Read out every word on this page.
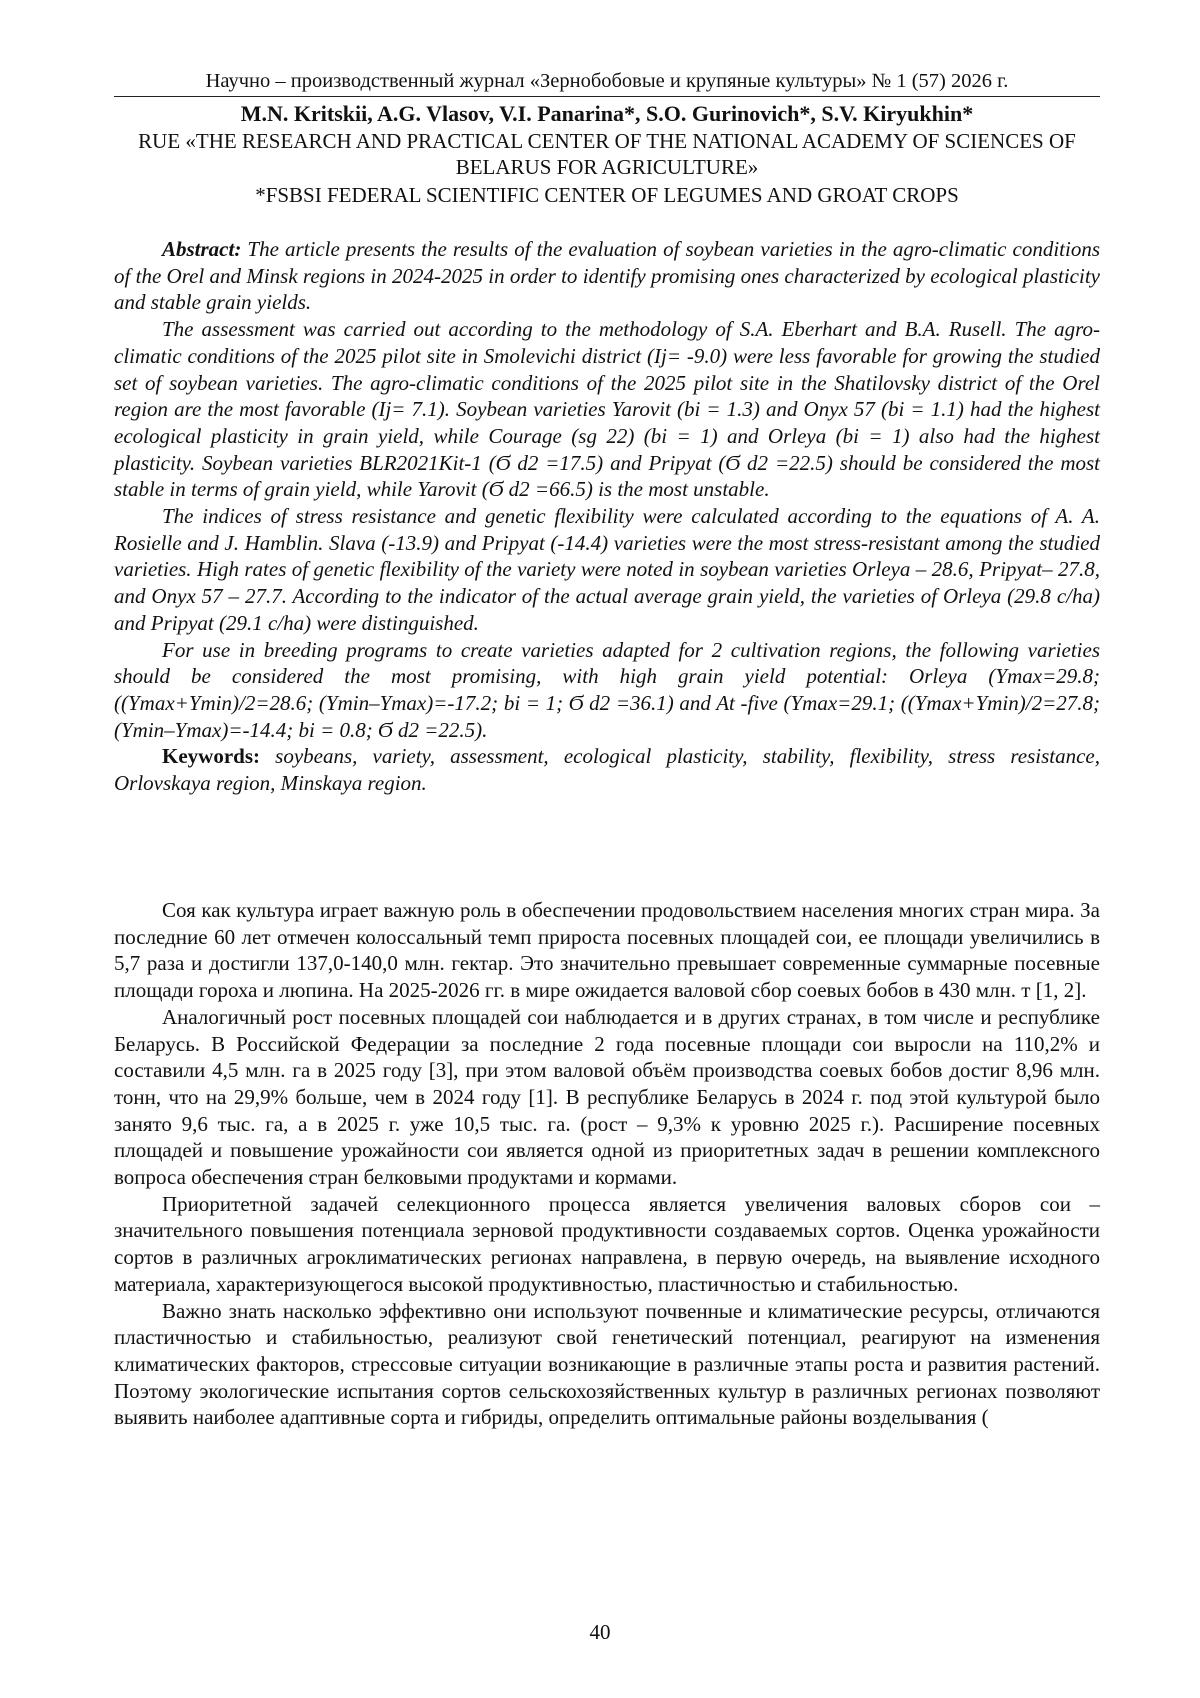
Научно – производственный журнал «Зернобобовые и крупяные культуры» № 1 (57) 2026 г.
M.N. Kritskii, A.G. Vlasov, V.I. Panarina*, S.O. Gurinovich*, S.V. Kiryukhin*
RUE «THE RESEARCH AND PRACTICAL CENTER OF THE NATIONAL ACADEMY OF SCIENCES OF BELARUS FOR AGRICULTURE»
*FSBSI FEDERAL SCIENTIFIC CENTER OF LEGUMES AND GROAT CROPS

Abstract: The article presents the results of the evaluation of soybean varieties in the agro-climatic conditions of the Orel and Minsk regions in 2024-2025 in order to identify promising ones characterized by ecological plasticity and stable grain yields.

The assessment was carried out according to the methodology of S.A. Eberhart and B.A. Rusell. The agro-climatic conditions of the 2025 pilot site in Smolevichi district (Ij= -9.0) were less favorable for growing the studied set of soybean varieties. The agro-climatic conditions of the 2025 pilot site in the Shatilovsky district of the Orel region are the most favorable (Ij= 7.1). Soybean varieties Yarovit (bi = 1.3) and Onyx 57 (bi = 1.1) had the highest ecological plasticity in grain yield, while Courage (sg 22) (bi = 1) and Orleya (bi = 1) also had the highest plasticity. Soybean varieties BLR2021Kit-1 (Ϭ d2 =17.5) and Pripyat (Ϭ d2 =22.5) should be considered the most stable in terms of grain yield, while Yarovit (Ϭ d2 =66.5) is the most unstable.

The indices of stress resistance and genetic flexibility were calculated according to the equations of A. A. Rosielle and J. Hamblin. Slava (-13.9) and Pripyat (-14.4) varieties were the most stress-resistant among the studied varieties. High rates of genetic flexibility of the variety were noted in soybean varieties Orleya – 28.6, Pripyat– 27.8, and Onyx 57 – 27.7. According to the indicator of the actual average grain yield, the varieties of Orleya (29.8 c/ha) and Pripyat (29.1 c/ha) were distinguished.

For use in breeding programs to create varieties adapted for 2 cultivation regions, the following varieties should be considered the most promising, with high grain yield potential: Orleya (Ymax=29.8; ((Ymax+Ymin)/2=28.6; (Ymin–Ymax)=-17.2; bi = 1; Ϭ d2 =36.1) and At -five (Ymax=29.1; ((Ymax+Ymin)/2=27.8; (Ymin–Ymax)=-14.4; bi = 0.8; Ϭ d2 =22.5).

Keywords: soybeans, variety, assessment, ecological plasticity, stability, flexibility, stress resistance, Orlovskaya region, Minskaya region.

Соя как культура играет важную роль в обеспечении продовольствием населения многих стран мира. За последние 60 лет отмечен колоссальный темп прироста посевных площадей сои, ее площади увеличились в 5,7 раза и достигли 137,0-140,0 млн. гектар. Это значительно превышает современные суммарные посевные площади гороха и люпина. На 2025-2026 гг. в мире ожидается валовой сбор соевых бобов в 430 млн. т [1, 2].

Аналогичный рост посевных площадей сои наблюдается и в других странах, в том числе и республике Беларусь. В Российской Федерации за последние 2 года посевные площади сои выросли на 110,2% и составили 4,5 млн. га в 2025 году [3], при этом валовой объём производства соевых бобов достиг 8,96 млн. тонн, что на 29,9% больше, чем в 2024 году [1]. В республике Беларусь в 2024 г. под этой культурой было занято 9,6 тыс. га, а в 2025 г. уже 10,5 тыс. га. (рост – 9,3% к уровню 2025 г.). Расширение посевных площадей и повышение урожайности сои является одной из приоритетных задач в решении комплексного вопроса обеспечения стран белковыми продуктами и кормами.

Приоритетной задачей селекционного процесса является увеличения валовых сборов сои – значительного повышения потенциала зерновой продуктивности создаваемых сортов. Оценка урожайности сортов в различных агроклиматических регионах направлена, в первую очередь, на выявление исходного материала, характеризующегося высокой продуктивностью, пластичностью и стабильностью.

Важно знать насколько эффективно они используют почвенные и климатические ресурсы, отличаются пластичностью и стабильностью, реализуют свой генетический потенциал, реагируют на изменения климатических факторов, стрессовые ситуации возникающие в различные этапы роста и развития растений. Поэтому экологические испытания сортов сельскохозяйственных культур в различных регионах позволяют выявить наиболее адаптивные сорта и гибриды, определить оптимальные районы возделывания (

40
